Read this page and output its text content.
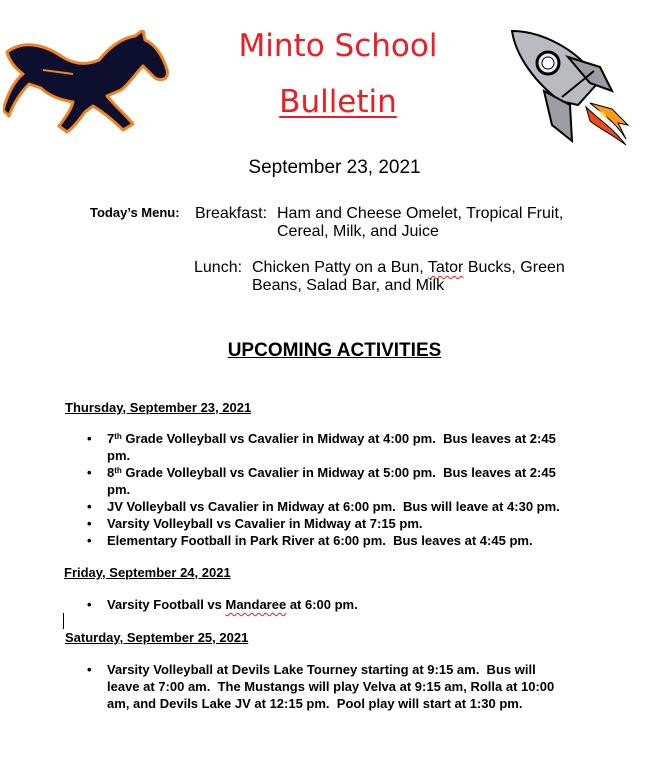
Minto School
Bulletin
September 23, 2021
Today’s Menu: Breakfast: Ham and Cheese Omelet, Tropical Fruit,
Cereal, Milk, and Juice
Lunch: Chicken Patty on a Bun, Tator Bucks, Green
Beans, Salad Bar, and Milk
UPCOMING ACTIVITIES
Thursday, September 23, 2021
• 7th Grade Volleyball vs Cavalier in Midway at 4:00 pm.  Bus leaves at 2:45
pm.
• 8th Grade Volleyball vs Cavalier in Midway at 5:00 pm.  Bus leaves at 2:45
pm.
• JV Volleyball vs Cavalier in Midway at 6:00 pm.  Bus will leave at 4:30 pm.
• Varsity Volleyball vs Cavalier in Midway at 7:15 pm.
• Elementary Football in Park River at 6:00 pm.  Bus leaves at 4:45 pm.
Friday, September 24, 2021
• Varsity Football vs Mandaree at 6:00 pm.
Saturday, September 25, 2021
• Varsity Volleyball at Devils Lake Tourney starting at 9:15 am.  Bus will
leave at 7:00 am.  The Mustangs will play Velva at 9:15 am, Rolla at 10:00
am, and Devils Lake JV at 12:15 pm.  Pool play will start at 1:30 pm.
